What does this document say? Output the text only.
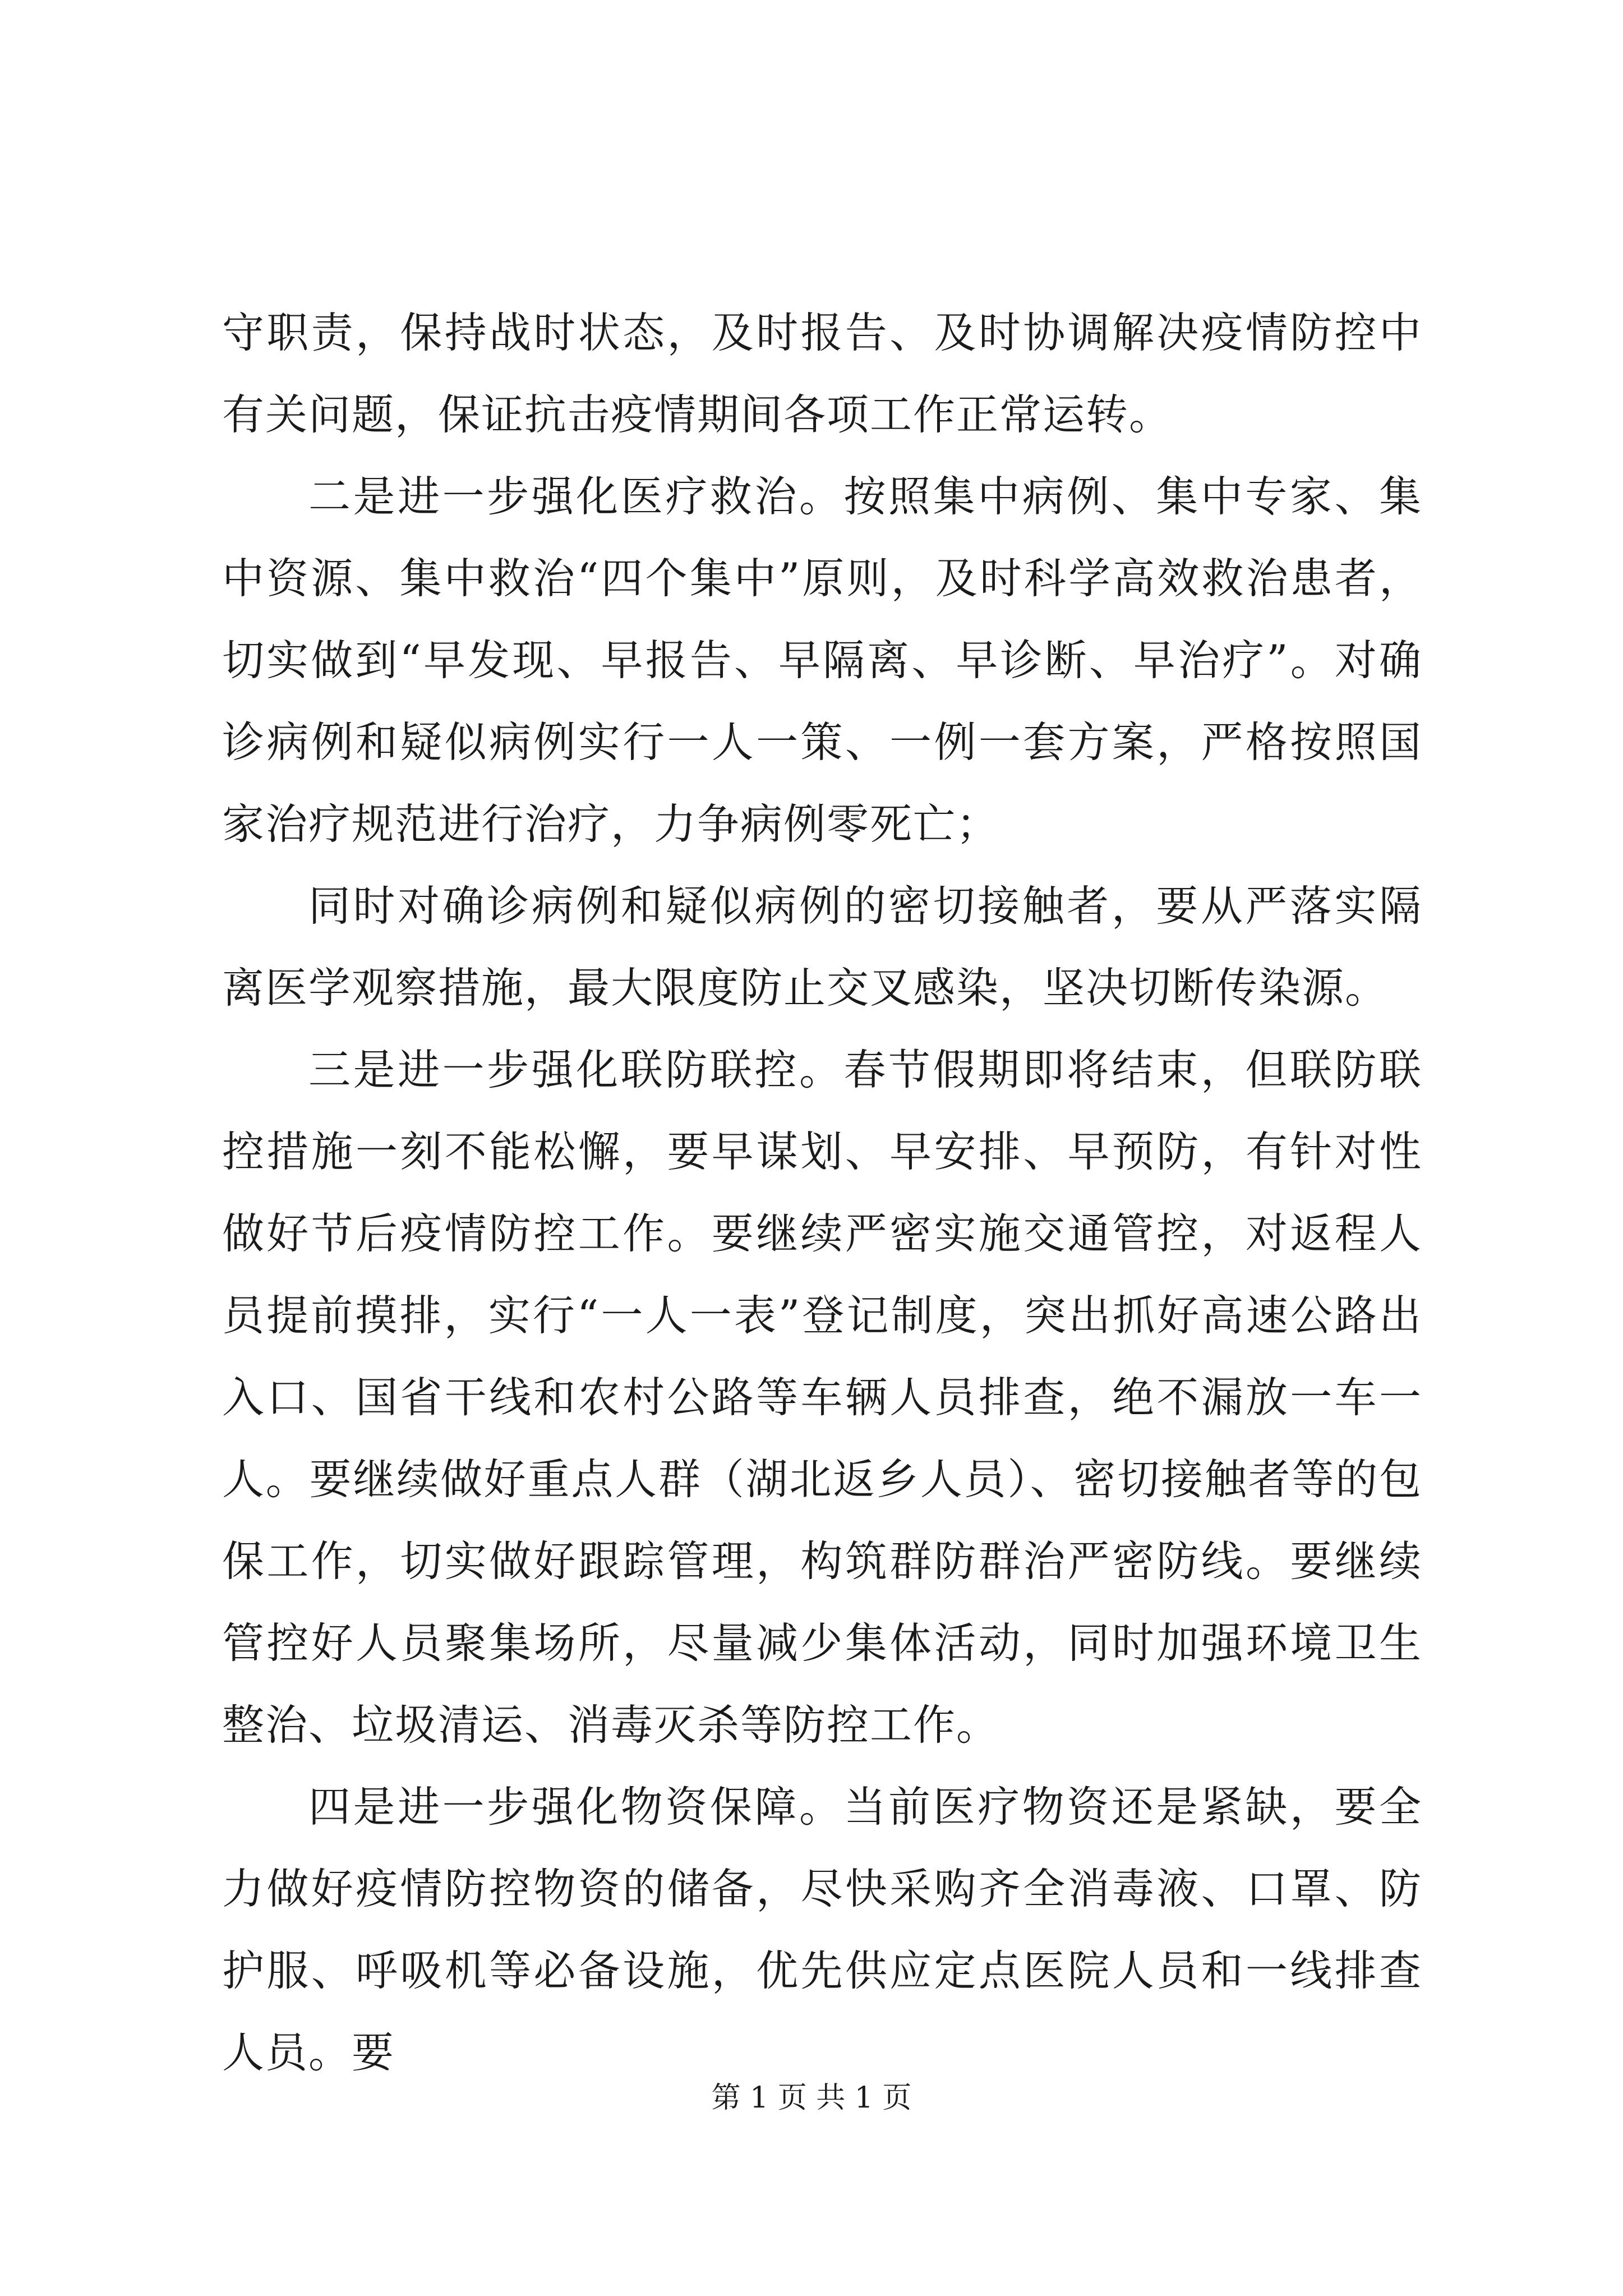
守职责，保持战时状态，及时报告、及时协调解决疫情防控中有关问题，保证抗击疫情期间各项工作正常运转。

二是进一步强化医疗救治。按照集中病例、集中专家、集中资源、集中救治“四个集中”原则，及时科学高效救治患者，切实做到“早发现、早报告、早隔离、早诊断、早治疗”。对确诊病例和疑似病例实行一人一策、一例一套方案，严格按照国家治疗规范进行治疗，力争病例零死亡；

同时对确诊病例和疑似病例的密切接触者，要从严落实隔离医学观察措施，最大限度防止交叉感染，坚决切断传染源。

三是进一步强化联防联控。春节假期即将结束，但联防联控措施一刻不能松懈，要早谋划、早安排、早预防，有针对性做好节后疫情防控工作。要继续严密实施交通管控，对返程人员提前摸排，实行“一人一表”登记制度，突出抓好高速公路出入口、国省干线和农村公路等车辆人员排查，绝不漏放一车一人。要继续做好重点人群（湖北返乡人员）、密切接触者等的包保工作，切实做好跟踪管理，构筑群防群治严密防线。要继续管控好人员聚集场所，尽量减少集体活动，同时加强环境卫生整治、垃圾清运、消毒灭杀等防控工作。

四是进一步强化物资保障。当前医疗物资还是紧缺，要全力做好疫情防控物资的储备，尽快采购齐全消毒液、口罩、防护服、呼吸机等必备设施，优先供应定点医院人员和一线排查人员。要

第 1 页 共 1 页
